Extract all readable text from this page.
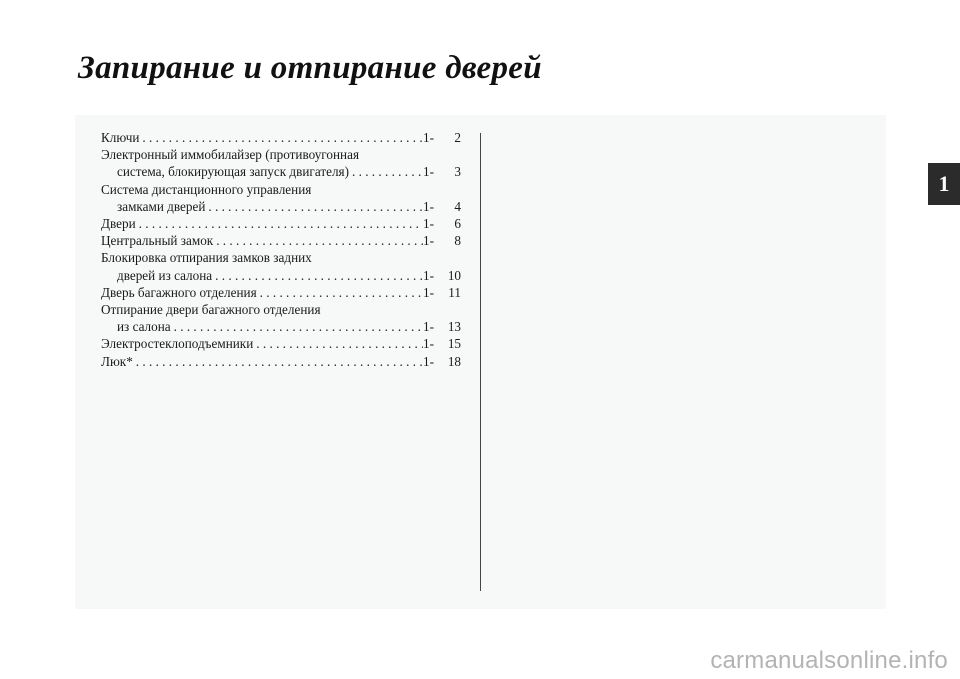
Запирание и отпирание дверей
Ключи . . .	1-	2
Электронный иммобилайзер (противоугонная
система, блокирующая запуск двигателя) . . .	1-	3
Система дистанционного управления
замками дверей . . .	1-	4
Двери . . .	1-	6
Центральный замок . . .	1-	8
Блокировка отпирания замков задних
дверей из салона . . .	1-	10
Дверь багажного отделения . . .	1-	11
Отпирание двери багажного отделения
из салона . . .	1-	13
Электростеклоподъемники . . .	1-	15
Люк* . . .	1-	18
1
carmanualsonline.info
